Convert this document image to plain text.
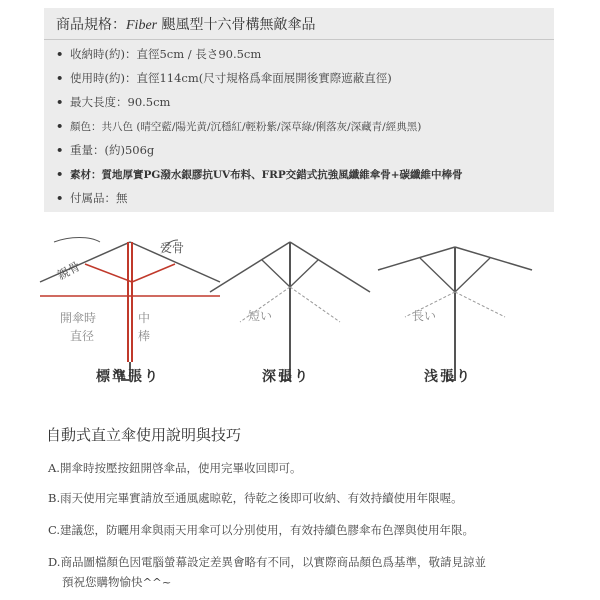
商品規格：Fiber 颶風型十六骨構無敵傘品
• 收納時(約)：直徑5cm / 長さ90.5cm
• 使用時(約)：直徑114cm(尺寸規格爲傘面展開後實際遮蔽直徑)
• 最大長度：90.5cm
• 顏色：共八色 (晴空藍/陽光黄/沉穩紅/輕粉紫/深草綠/俐落灰/深藏青/經典黑)
• 重量：(約)506g
• 素材：質地厚實PG潑水銀膠抗UV布料、FRP交錯式抗強風纖維傘骨+碳纖維中棒骨
• 付属品：無
親骨
受骨
開傘時
直径
中
棒
短い	長い
標準張り	深張り	浅張り
自動式直立傘使用說明與技巧
A.開傘時按壓按鈕開啓傘品，使用完畢收回即可。
B.雨天使用完畢實請放至通風處晾乾，待乾之後即可收納、有效持續使用年限喔。
C.建議您，防曬用傘與雨天用傘可以分別使用，有效持續色膠傘布色澤與使用年限。
D.商品圖檔顏色因電腦螢幕設定差異會略有不同，以實際商品顏色爲基準，敬請見諒並
預祝您購物愉快^^~
